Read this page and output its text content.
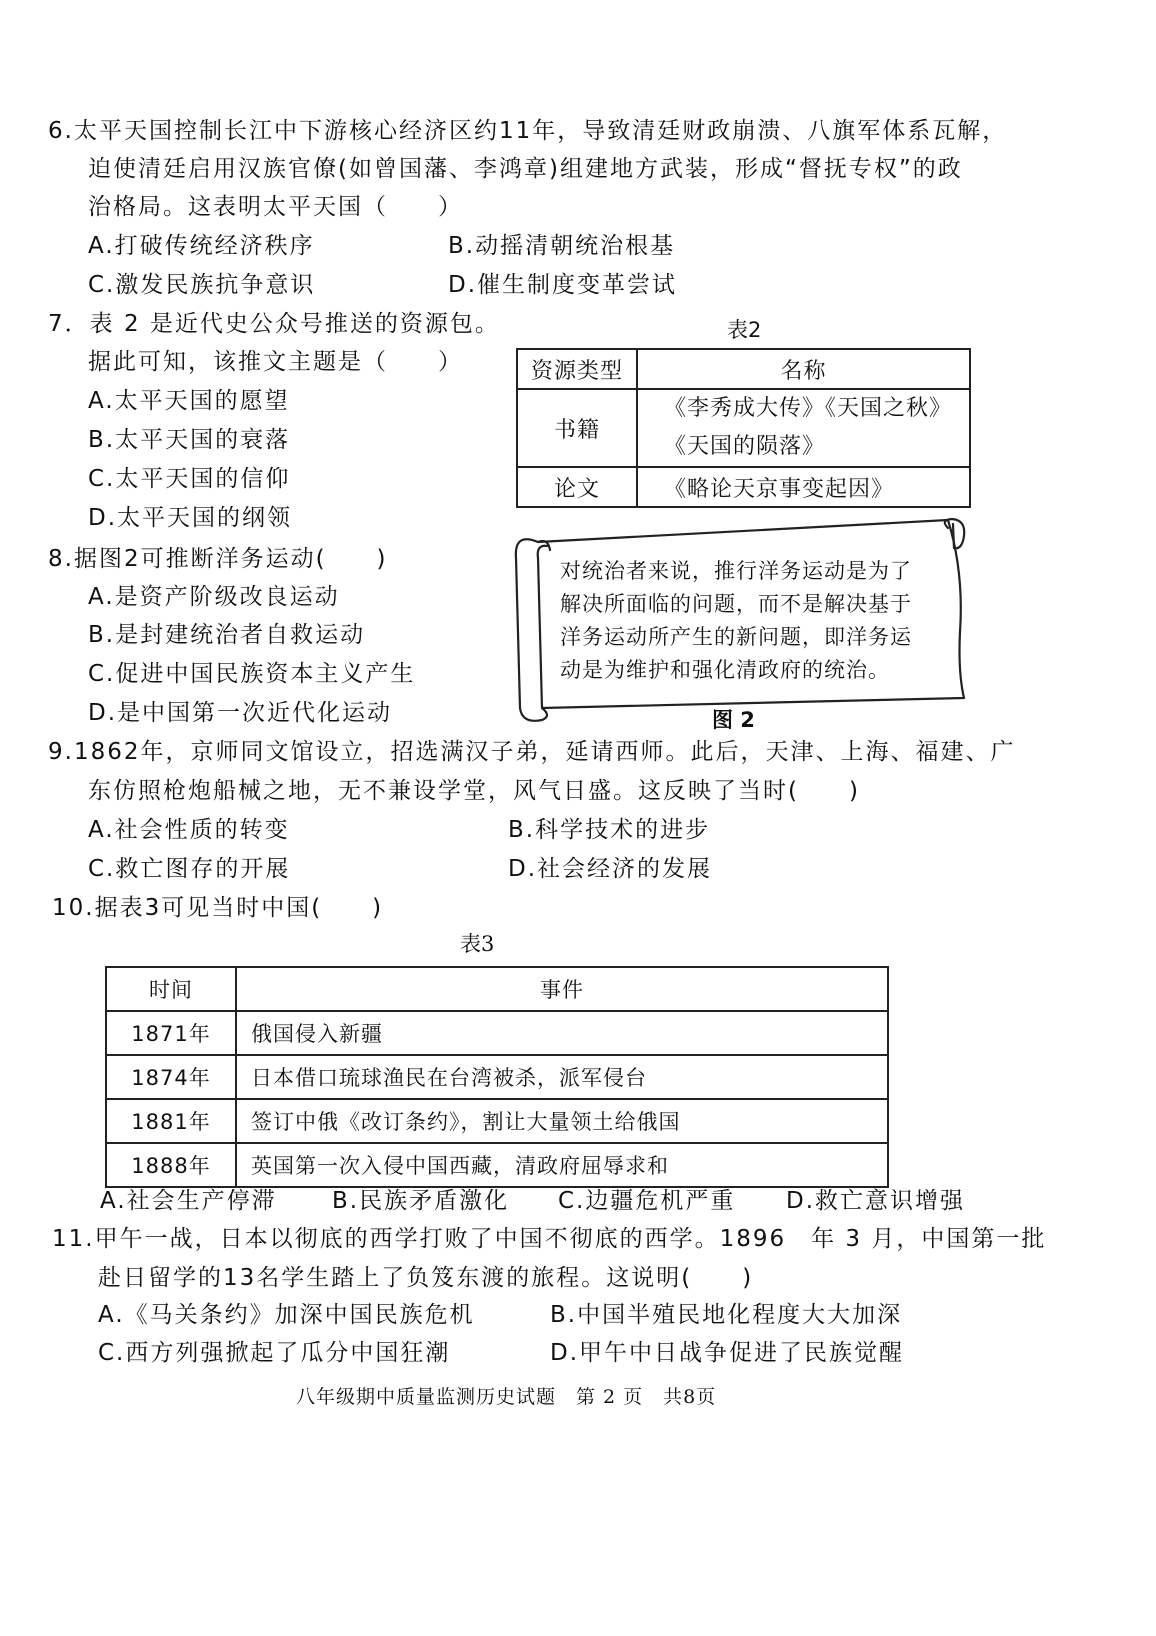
6.太平天国控制长江中下游核心经济区约11年，导致清廷财政崩溃、八旗军体系瓦解，
迫使清廷启用汉族官僚(如曾国藩、李鸿章)组建地方武装，形成“督抚专权”的政
治格局。这表明太平天国（　　）
A.打破传统经济秩序	B.动摇清朝统治根基
C.激发民族抗争意识	D.催生制度变革尝试
7．表 2 是近代史公众号推送的资源包。
据此可知，该推文主题是（　　）
A.太平天国的愿望
B.太平天国的衰落
C.太平天国的信仰
D.太平天国的纲领
表2
资源类型	名称
书籍	《李秀成大传》《天国之秋》
《天国的陨落》

论文	《略论天京事变起因》
8.据图2可推断洋务运动(　　)
A.是资产阶级改良运动
B.是封建统治者自救运动
C.促进中国民族资本主义产生
D.是中国第一次近代化运动
对统治者来说，推行洋务运动是为了
解决所面临的问题，而不是解决基于
洋务运动所产生的新问题，即洋务运
动是为维护和强化清政府的统治。
图 2
9.1862年，京师同文馆设立，招选满汉子弟，延请西师。此后，天津、上海、福建、广
东仿照枪炮船械之地，无不兼设学堂，风气日盛。这反映了当时(　　)
A.社会性质的转变	B.科学技术的进步
C.救亡图存的开展	D.社会经济的发展
10.据表3可见当时中国(　　)
表3
时间	事件
1871年	俄国侵入新疆
1874年	日本借口琉球渔民在台湾被杀，派军侵台
1881年	签订中俄《改订条约》，割让大量领土给俄国
1888年	英国第一次入侵中国西藏，清政府屈辱求和
A.社会生产停滞 B.民族矛盾激化 C.边疆危机严重 D.救亡意识增强
11.甲午一战，日本以彻底的西学打败了中国不彻底的西学。1896　年 3 月，中国第一批
赴日留学的13名学生踏上了负笈东渡的旅程。这说明(　　)
A.《马关条约》加深中国民族危机	B.中国半殖民地化程度大大加深
C.西方列强掀起了瓜分中国狂潮	D.甲午中日战争促进了民族觉醒
八年级期中质量监测历史试题　第 2 页　共8页
